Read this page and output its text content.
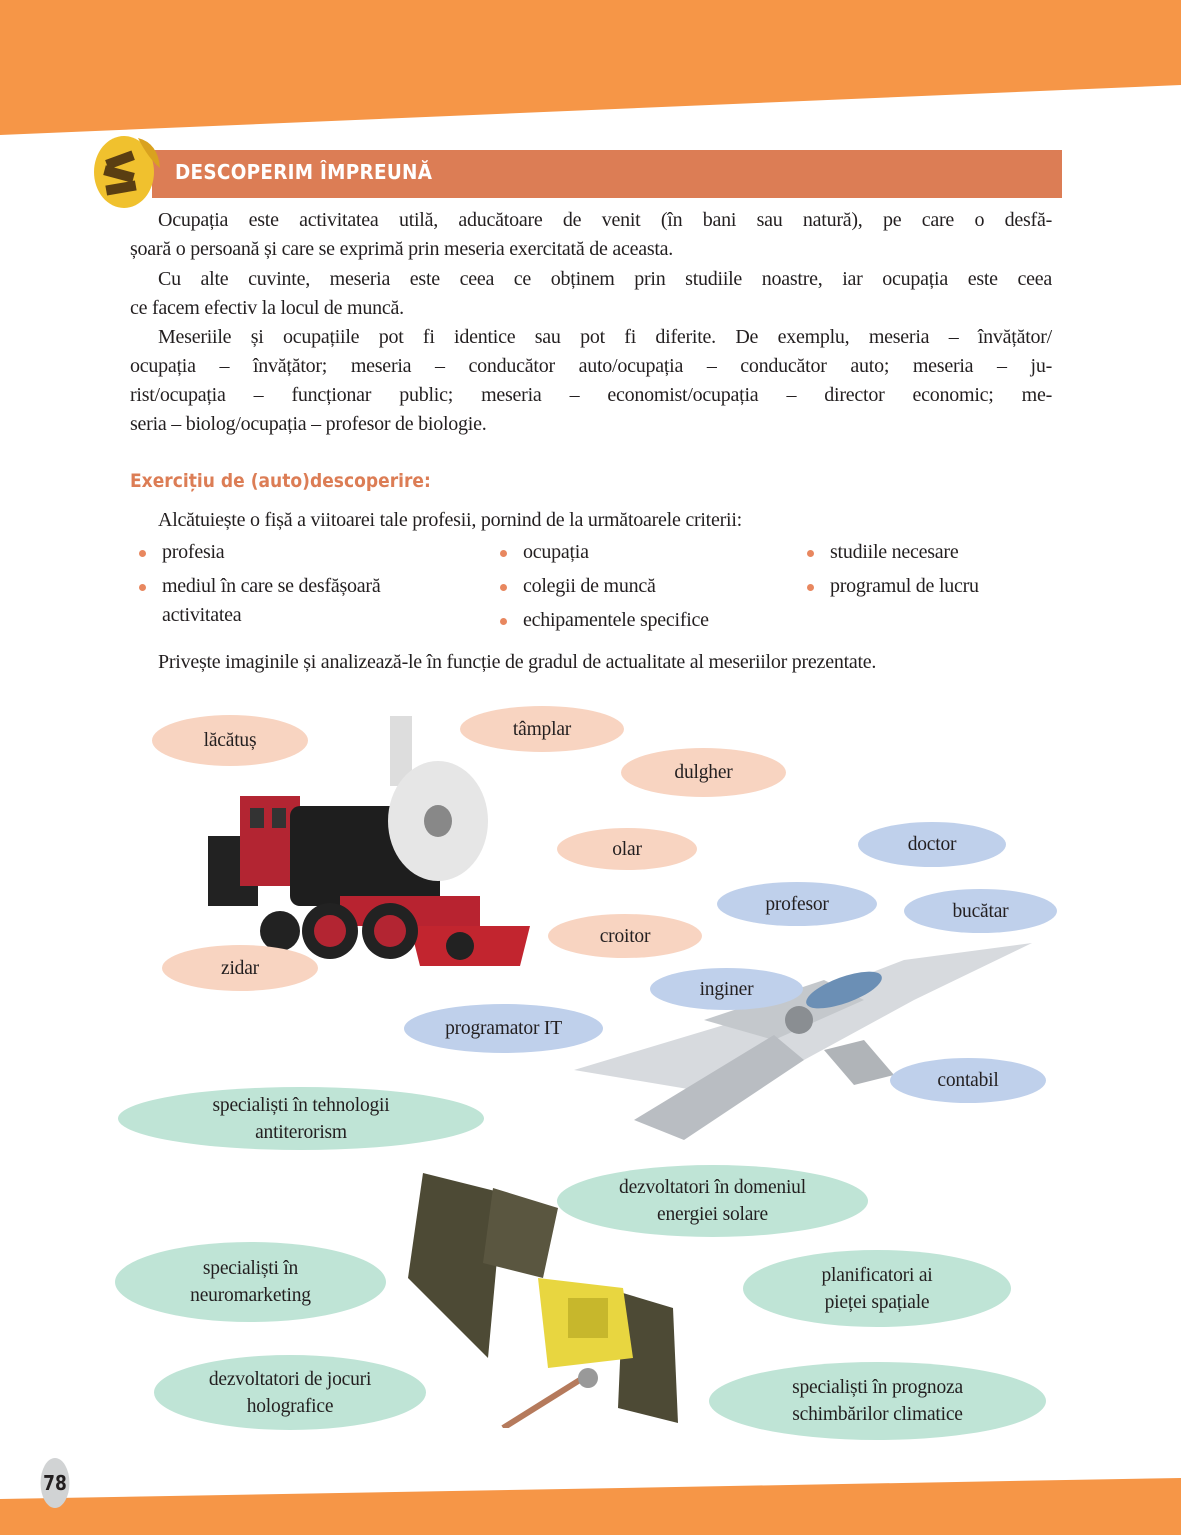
DESCOPERIM ÎMPREUNĂ
Ocupația este activitatea utilă, aducătoare de venit (în bani sau natură), pe care o desfă-
șoară o persoană și care se exprimă prin meseria exercitată de aceasta.
Cu alte cuvinte, meseria este ceea ce obținem prin studiile noastre, iar ocupația este ceea
ce facem efectiv la locul de muncă.
Meseriile și ocupațiile pot fi identice sau pot fi diferite. De exemplu, meseria – învățător/
ocupația – învățător; meseria – conducător auto/ocupația – conducător auto; meseria – ju-
rist/ocupația – funcționar public; meseria – economist/ocupația – director economic; me-
seria – biolog/ocupația – profesor de biologie.
Exercițiu de (auto)descoperire:
Alcătuiește o fișă a viitoarei tale profesii, pornind de la următoarele criterii:
profesia
mediul în care se desfășoară activitatea
ocupația
colegii de muncă
echipamentele specifice
studiile necesare
programul de lucru
Privește imaginile și analizează-le în funcție de gradul de actualitate al meseriilor prezentate.
lăcătuș
tâmplar
dulgher
olar
croitor
zidar
doctor
profesor	bucătar
inginer
programator IT
contabil
specialiști în tehnologii antiterorism
dezvoltatori în domeniul energiei solare
specialiști în neuromarketing
planificatori ai pieței spațiale
dezvoltatori de jocuri holografice
specialiști în prognoza schimbărilor climatice
78
